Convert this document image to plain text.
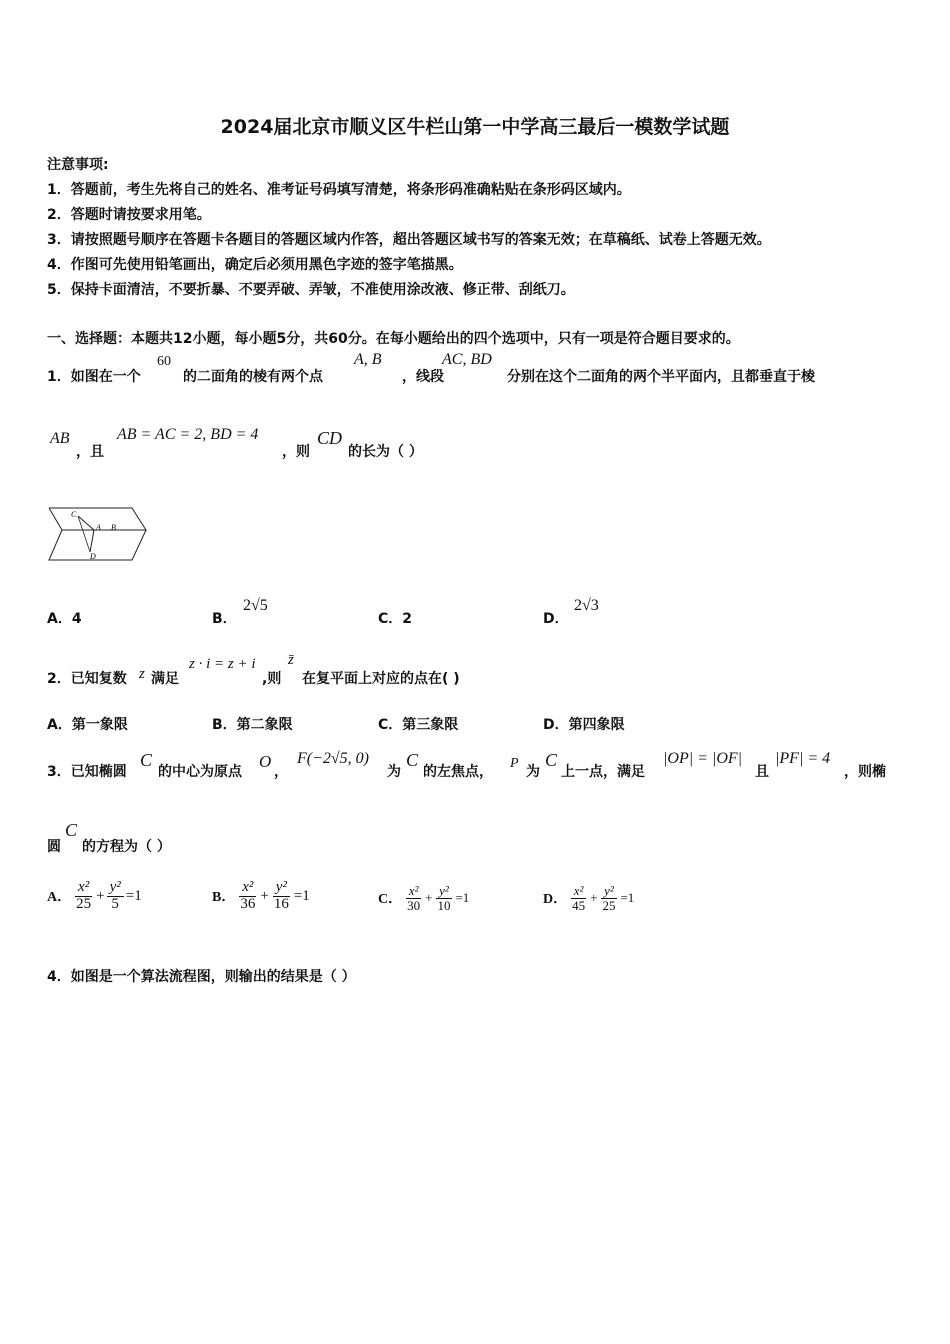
2024届北京市顺义区牛栏山第一中学高三最后一模数学试题
注意事项:
1．答题前，考生先将自己的姓名、准考证号码填写清楚，将条形码准确粘贴在条形码区域内。
2．答题时请按要求用笔。
3．请按照题号顺序在答题卡各题目的答题区域内作答，超出答题区域书写的答案无效；在草稿纸、试卷上答题无效。
4．作图可先使用铅笔画出，确定后必须用黑色字迹的签字笔描黑。
5．保持卡面清洁，不要折暴、不要弄破、弄皱，不准使用涂改液、修正带、刮纸刀。
一、选择题：本题共12小题，每小题5分，共60分。在每小题给出的四个选项中，只有一项是符合题目要求的。
1．如图在一个
60
的二面角的棱有两个点
A, B
，线段
AC, BD
分别在这个二面角的两个半平面内，且都垂直于棱
AB
，且
AB = AC = 2, BD = 4
，则
CD
的长为（ ）
C
A B
D
A．4	B．
2√5
C．2	D．
2√3
2．已知复数 z 满足
z · i = z + i
,则
z̄
在复平面上对应的点在( )
A．第一象限	B．第二象限	C．第三象限	D．第四象限
3．已知椭圆
C
的中心为原点
O
，
F(−2√5, 0)
为
C
的左焦点，
P
为
C
上一点，满足
|OP| = |OF|
且
|PF| = 4
，则椭
圆
C
的方程为（ ）
A． $\frac{\text{x²}}{25} + \frac{\text{y²}}{5} =1$	B． $\frac{\text{x²}}{36} + \frac{\text{y²}}{16} =1$	C． $\frac{\text{x²}}{30} + \frac{\text{y²}}{10} =1$	D． $\frac{\text{x²}}{45} + \frac{\text{y²}}{25} =1$
4．如图是一个算法流程图，则输出的结果是（ ）
